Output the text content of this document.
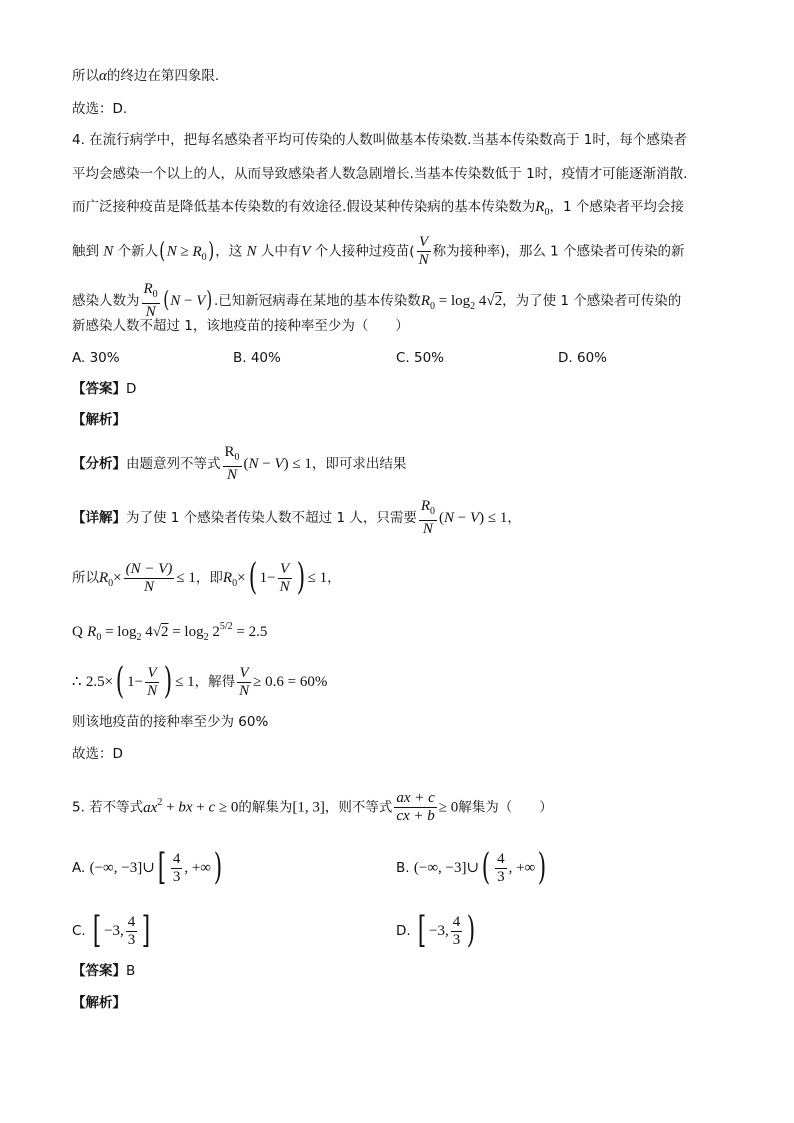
所以α的终边在第四象限.
故选：D.
4. 在流行病学中，把每名感染者平均可传染的人数叫做基本传染数.当基本传染数高于 1时，每个感染者
平均会感染一个以上的人，从而导致感染者人数急剧增长.当基本传染数低于 1时，疫情才可能逐渐消散.
而广泛接种疫苗是降低基本传染数的有效途径.假设某种传染病的基本传染数为$R_0$，1 个感染者平均会接
触到 N 个新人$(N \ge R_0)$，这 N 人中有V 个人接种过疫苗( $\frac{V}{N}$ 称为接种率)，那么 1 个感染者可传染的新
感染人数为 $\frac{R_0}{N} (N - V)$.已知新冠病毒在某地的基本传染数$R_0 = \log_2 4√2$，为了使 1 个感染者可传染的
新感染人数不超过 1，该地疫苗的接种率至少为（　　）
A. 30%	B. 40%	C. 50%	D. 60%
【答案】D
【解析】
【分析】由题意列不等式 $\frac{R_0}{N} (N - V) \le 1$，即可求出结果
【详解】为了使 1 个感染者传染人数不超过 1 人，只需要 $\frac{R_0}{N} (N - V) \le 1$，
所以$R_0\times \frac{(N - V)}{N} \le 1$，即$R_0\times$( $1- \frac{V}{N}$ ) ≤ 1，
Q $R_0 = \log_2 4√2 = \log_2 2^{5/2} = 2.5$
∴ 2.5×( $1- \frac{V}{N}$ ) ≤ 1，解得 $\frac{V}{N} \ge 0.6 = 60\%$
则该地疫苗的接种率至少为 60%
故选：D
5. 若不等式$ax^2$ + bx + c ≥ 0的解集为[1, 3]，则不等式 $\frac{ax + c}{cx + b} \ge 0$解集为（　　）
A. (−∞, −3]∪[ $\frac{4}{3}$ , +∞)	B. (−∞, −3]∪( $\frac{4}{3}$ , +∞)
C. [ −3, $\frac{4}{3}$ ]	D. [ −3, $\frac{4}{3}$ )
【答案】B
【解析】
